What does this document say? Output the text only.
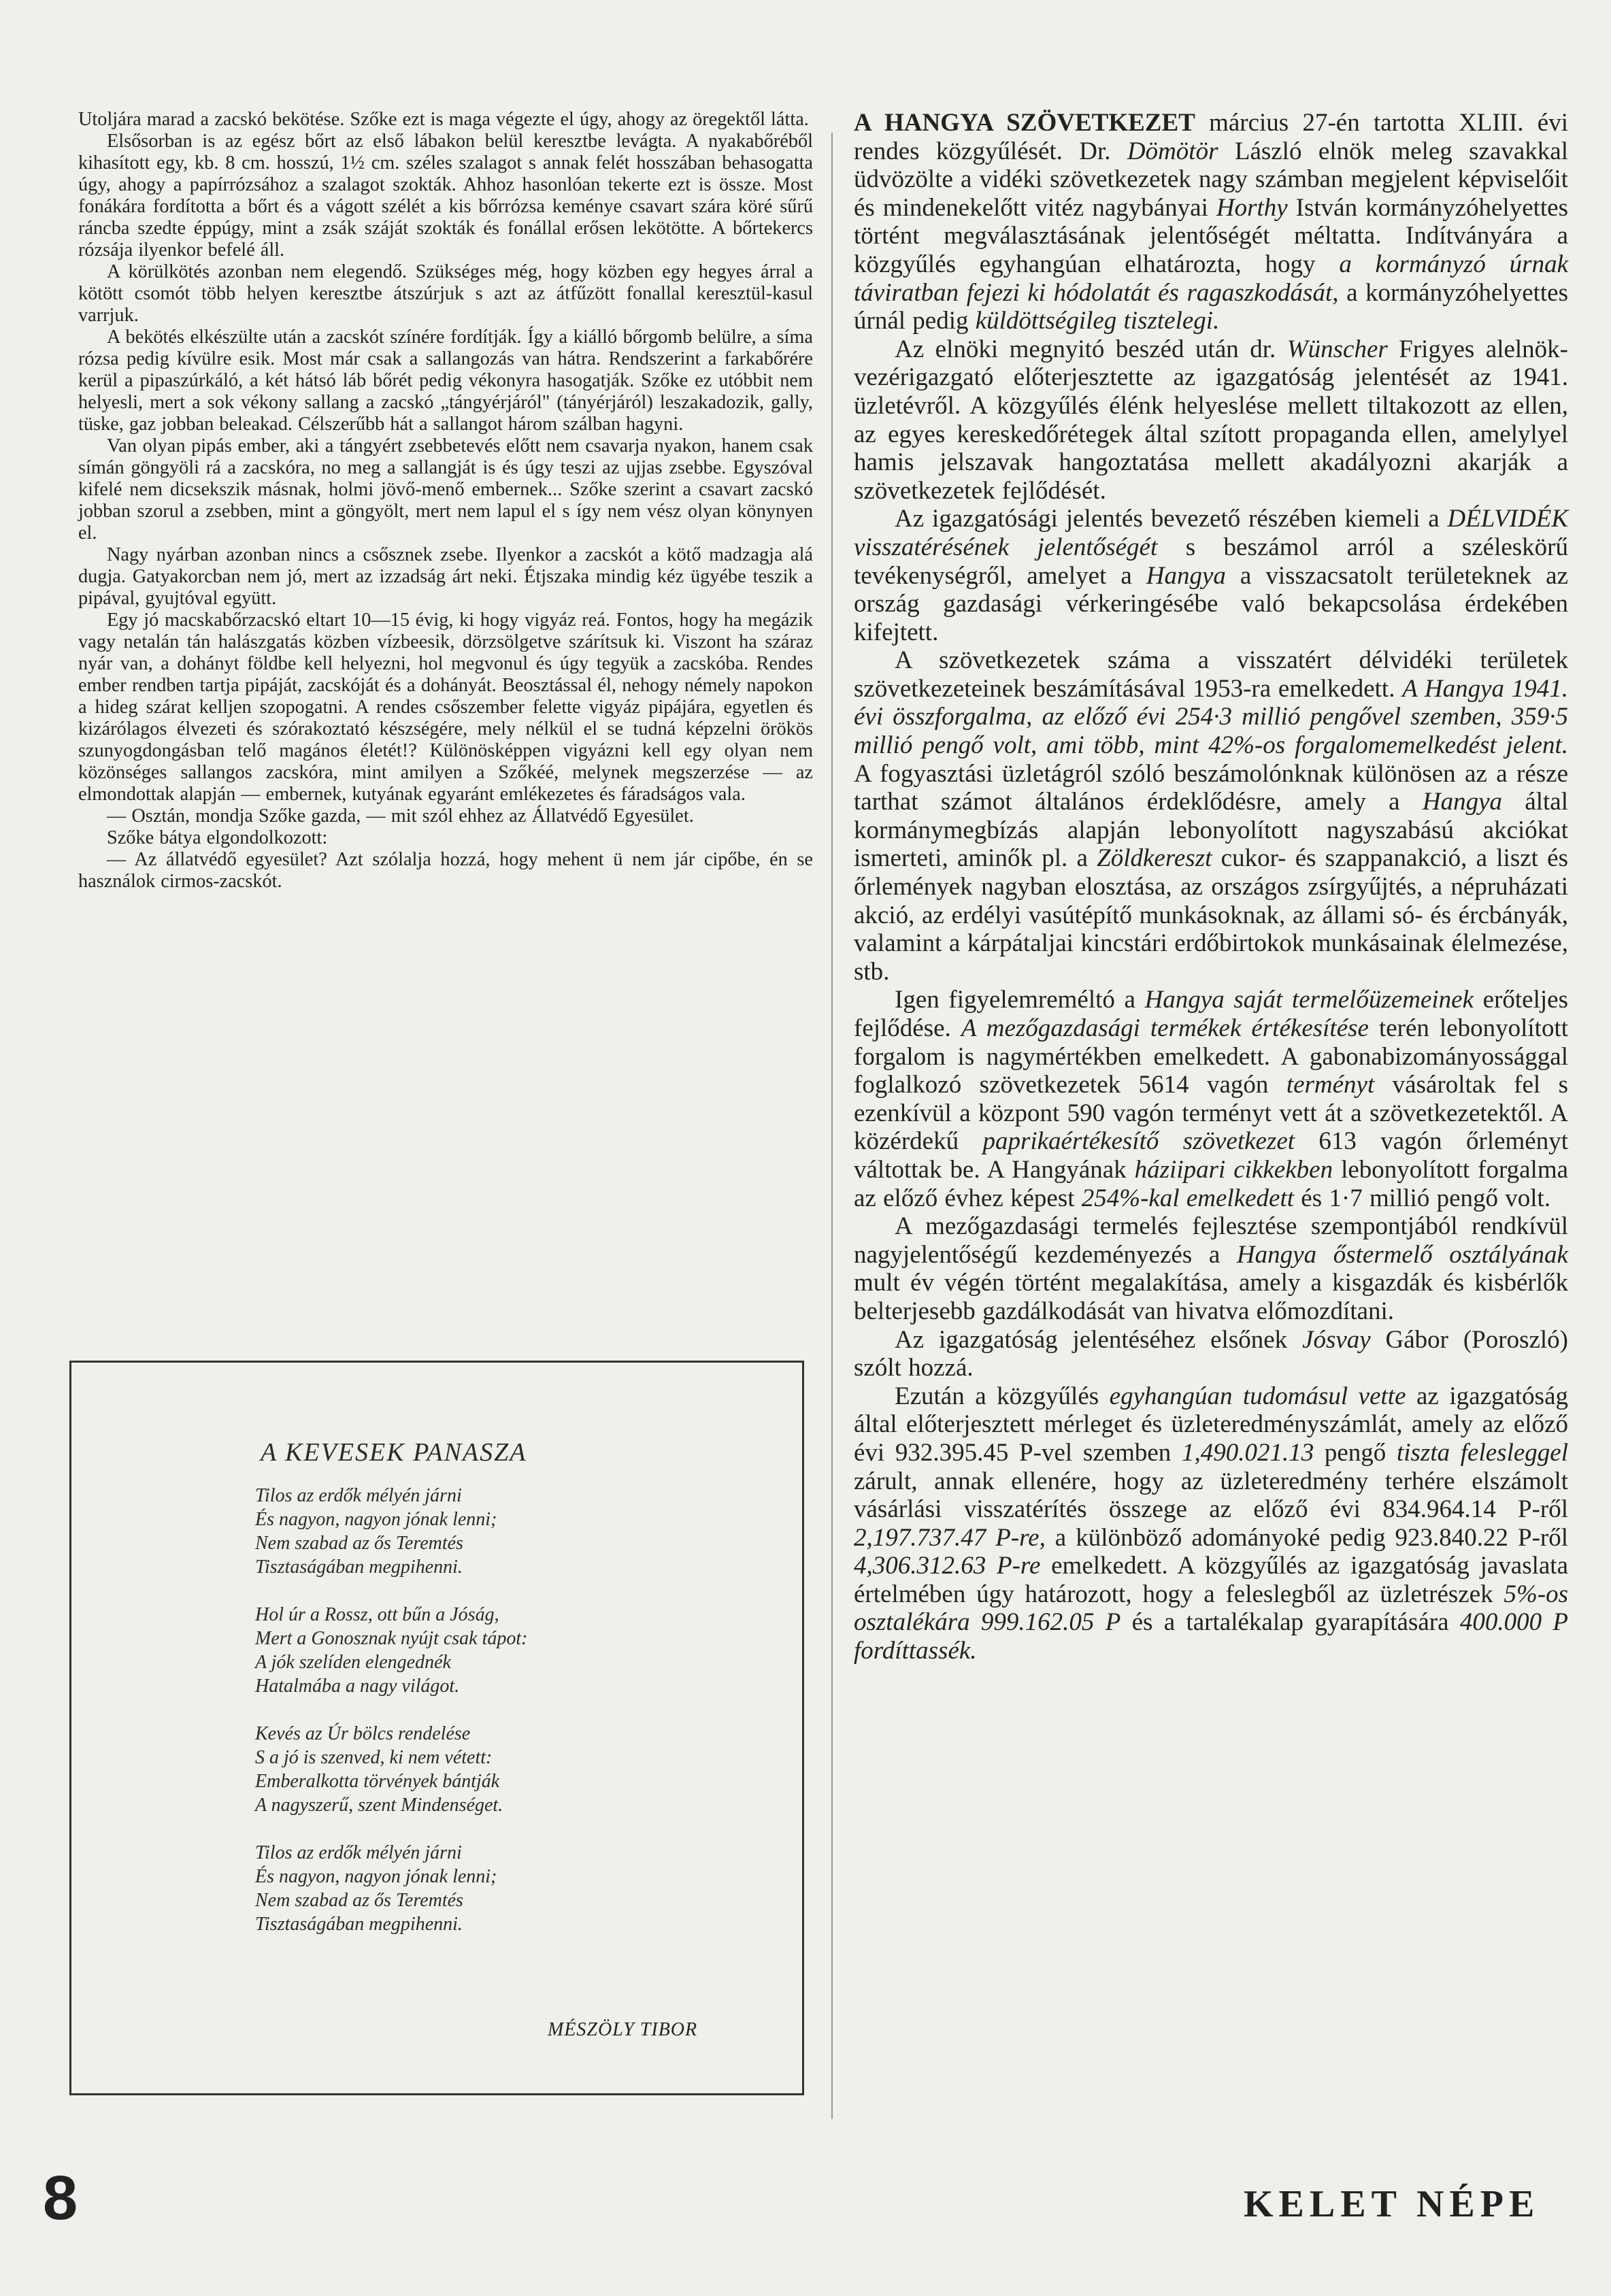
Utoljára marad a zacskó bekötése. Szőke ezt is maga végezte el úgy, ahogy az öregektől látta.

Elsősorban is az egész bőrt az első lábakon belül keresztbe levágta. A nyakabőréből kihasított egy, kb. 8 cm. hosszú, 1½ cm. széles szalagot s annak felét hosszában behasogatta úgy, ahogy a papírrózsához a szalagot szokták. Ahhoz hasonlóan tekerte ezt is össze. Most fonákára fordította a bőrt és a vágott szélét a kis bőrrózsa keménye csavart szára köré sűrű ráncba szedte éppúgy, mint a zsák száját szokták és fonállal erősen lekötötte. A bőrtekercs rózsája ilyenkor befelé áll.

A körülkötés azonban nem elegendő. Szükséges még, hogy közben egy hegyes árral a kötött csomót több helyen keresztbe átszúrjuk s azt az átfűzött fonallal keresztül-kasul varrjuk.

A bekötés elkészülte után a zacskót színére fordítják. Így a kiálló bőrgomb belülre, a síma rózsa pedig kívülre esik. Most már csak a sallangozás van hátra. Rendszerint a farkabőrére kerül a pipaszúrkáló, a két hátsó láb bőrét pedig vékonyra hasogatják. Szőke ez utóbbit nem helyesli, mert a sok vékony sallang a zacskó „tángyérjáról" (tányérjáról) leszakadozik, gally, tüske, gaz jobban beleakad. Célszerűbb hát a sallangot három szálban hagyni.

Van olyan pipás ember, aki a tángyért zsebbetevés előtt nem csavarja nyakon, hanem csak símán göngyöli rá a zacskóra, no meg a sallangját is és úgy teszi az ujjas zsebbe. Egyszóval kifelé nem dicsekszik másnak, holmi jövő-menő embernek... Szőke szerint a csavart zacskó jobban szorul a zsebben, mint a göngyölt, mert nem lapul el s így nem vész olyan könynyen el.

Nagy nyárban azonban nincs a csősznek zsebe. Ilyenkor a zacskót a kötő madzagja alá dugja. Gatyakorcban nem jó, mert az izzadság árt neki. Étjszaka mindig kéz ügyébe teszik a pipával, gyujtóval együtt.

Egy jó macskabőrzacskó eltart 10—15 évig, ki hogy vigyáz reá. Fontos, hogy ha megázik vagy netalán tán halászgatás közben vízbeesik, dörzsölgetve szárítsuk ki. Viszont ha száraz nyár van, a dohányt földbe kell helyezni, hol megvonul és úgy tegyük a zacskóba. Rendes ember rendben tartja pipáját, zacskóját és a dohányát. Beosztással él, nehogy némely napokon a hideg szárat kelljen szopogatni. A rendes csőszember felette vigyáz pipájára, egyetlen és kizárólagos élvezeti és szórakoztató készségére, mely nélkül el se tudná képzelni örökös szunyogdongásban telő magános életét!? Különösképpen vigyázni kell egy olyan nem közönséges sallangos zacskóra, mint amilyen a Szőkéé, melynek megszerzése — az elmondottak alapján — embernek, kutyának egyaránt emlékezetes és fáradságos vala.

— Osztán, mondja Szőke gazda, — mit szól ehhez az Állatvédő Egyesület.

Szőke bátya elgondolkozott:

— Az állatvédő egyesület? Azt szólalja hozzá, hogy mehent ü nem jár cipőbe, én se használok cirmos-zacskót.

A KEVESEK PANASZA
Tilos az erdők mélyén járni
És nagyon, nagyon jónak lenni;
Nem szabad az ős Teremtés
Tisztaságában megpihenni.
Hol úr a Rossz, ott bűn a Jóság,
Mert a Gonosznak nyújt csak tápot:
A jók szelíden elengednék
Hatalmába a nagy világot.
Kevés az Úr bölcs rendelése
S a jó is szenved, ki nem vétett:
Emberalkotta törvények bántják
A nagyszerű, szent Mindenséget.
Tilos az erdők mélyén járni
És nagyon, nagyon jónak lenni;
Nem szabad az ős Teremtés
Tisztaságában megpihenni.
MÉSZÖLY TIBOR

A HANGYA SZÖVETKEZET március 27-én tartotta XLIII. évi rendes közgyűlését. Dr. Dömötör László elnök meleg szavakkal üdvözölte a vidéki szövetkezetek nagy számban megjelent képviselőit és mindenekelőtt vitéz nagybányai Horthy István kormányzóhelyettes történt megválasztásának jelentőségét méltatta. Indítványára a közgyűlés egyhangúan elhatározta, hogy a kormányzó úrnak táviratban fejezi ki hódolatát és ragaszkodását, a kormányzóhelyettes úrnál pedig küldöttségileg tisztelegi.

Az elnöki megnyitó beszéd után dr. Wünscher Frigyes alelnök-vezérigazgató előterjesztette az igazgatóság jelentését az 1941. üzletévről. A közgyűlés élénk helyeslése mellett tiltakozott az ellen, az egyes kereskedőrétegek által szított propaganda ellen, amelylyel hamis jelszavak hangoztatása mellett akadályozni akarják a szövetkezetek fejlődését.

Az igazgatósági jelentés bevezető részében kiemeli a DÉLVIDÉK visszatérésének jelentőségét s beszámol arról a széleskörű tevékenységről, amelyet a Hangya a visszacsatolt területeknek az ország gazdasági vérkeringésébe való bekapcsolása érdekében kifejtett.

A szövetkezetek száma a visszatért délvidéki területek szövetkezeteinek beszámításával 1953-ra emelkedett. A Hangya 1941. évi összforgalma, az előző évi 254·3 millió pengővel szemben, 359·5 millió pengő volt, ami több, mint 42%-os forgalomemelkedést jelent. A fogyasztási üzletágról szóló beszámolónknak különösen az a része tarthat számot általános érdeklődésre, amely a Hangya által kormánymegbízás alapján lebonyolított nagyszabású akciókat ismerteti, aminők pl. a Zöldkereszt cukor- és szappanakció, a liszt és őrlemények nagyban elosztása, az országos zsírgyűjtés, a népruházati akció, az erdélyi vasútépítő munkásoknak, az állami só- és ércbányák, valamint a kárpátaljai kincstári erdőbirtokok munkásainak élelmezése, stb.

Igen figyelemreméltó a Hangya saját termelőüzemeinek erőteljes fejlődése. A mezőgazdasági termékek értékesítése terén lebonyolított forgalom is nagymértékben emelkedett. A gabonabizományossággal foglalkozó szövetkezetek 5614 vagón terményt vásároltak fel s ezenkívül a központ 590 vagón terményt vett át a szövetkezetektől. A közérdekű paprikaértékesítő szövetkezet 613 vagón őrleményt váltottak be. A Hangyának háziipari cikkekben lebonyolított forgalma az előző évhez képest 254%-kal emelkedett és 1·7 millió pengő volt.

A mezőgazdasági termelés fejlesztése szempontjából rendkívül nagyjelentőségű kezdeményezés a Hangya őstermelő osztályának mult év végén történt megalakítása, amely a kisgazdák és kisbérlők belterjesebb gazdálkodását van hivatva előmozdítani.

Az igazgatóság jelentéséhez elsőnek Jósvay Gábor (Poroszló) szólt hozzá.

Ezután a közgyűlés egyhangúan tudomásul vette az igazgatóság által előterjesztett mérleget és üzleteredményszámlát, amely az előző évi 932.395.45 P-vel szemben 1,490.021.13 pengő tiszta felesleggel zárult, annak ellenére, hogy az üzleteredmény terhére elszámolt vásárlási visszatérítés összege az előző évi 834.964.14 P-ről 2,197.737.47 P-re, a különböző adományoké pedig 923.840.22 P-ről 4,306.312.63 P-re emelkedett. A közgyűlés az igazgatóság javaslata értelmében úgy határozott, hogy a feleslegből az üzletrészek 5%-os osztalékára 999.162.05 P és a tartalékalap gyarapítására 400.000 P fordíttassék.

8	KELET NÉPE
